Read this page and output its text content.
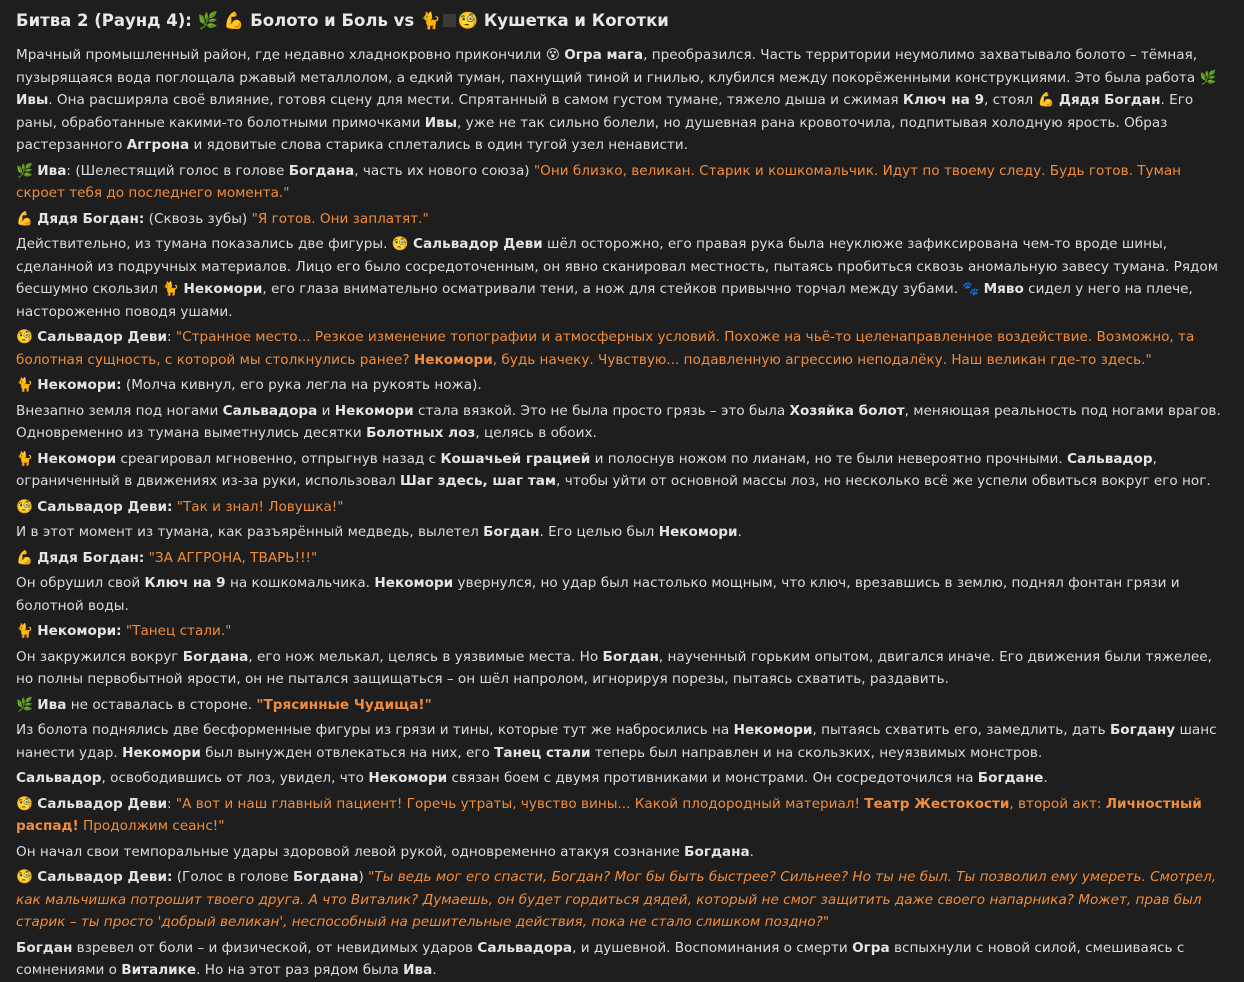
Битва 2 (Раунд 4): 🌿 💪 Болото и Боль vs 🐈 🧐 Кушетка и Коготки

Мрачный промышленный район, где недавно хладнокровно прикончили 😵 Огра мага, преобразился. Часть территории неумолимо захватывало болото – тёмная, пузырящаяся вода поглощала ржавый металлолом, а едкий туман, пахнущий тиной и гнилью, клубился между покорёженными конструкциями. Это была работа 🌿 Ивы. Она расширяла своё влияние, готовя сцену для мести. Спрятанный в самом густом тумане, тяжело дыша и сжимая Ключ на 9, стоял 💪 Дядя Богдан. Его раны, обработанные какими-то болотными примочками Ивы, уже не так сильно болели, но душевная рана кровоточила, подпитывая холодную ярость. Образ растерзанного Аггрона и ядовитые слова старика сплетались в один тугой узел ненависти.

🌿 Ива: (Шелестящий голос в голове Богдана, часть их нового союза) "Они близко, великан. Старик и кошкомальчик. Идут по твоему следу. Будь готов. Туман скроет тебя до последнего момента."

💪 Дядя Богдан: (Сквозь зубы) "Я готов. Они заплатят."

Действительно, из тумана показались две фигуры. 🧐 Сальвадор Деви шёл осторожно, его правая рука была неуклюже зафиксирована чем-то вроде шины, сделанной из подручных материалов. Лицо его было сосредоточенным, он явно сканировал местность, пытаясь пробиться сквозь аномальную завесу тумана. Рядом бесшумно скользил 🐈 Некомори, его глаза внимательно осматривали тени, а нож для стейков привычно торчал между зубами. 🐾 Мяво сидел у него на плече, настороженно поводя ушами.

🧐 Сальвадор Деви: "Странное место... Резкое изменение топографии и атмосферных условий. Похоже на чьё-то целенаправленное воздействие. Возможно, та болотная сущность, с которой мы столкнулись ранее? Некомори, будь начеку. Чувствую... подавленную агрессию неподалёку. Наш великан где-то здесь."

🐈 Некомори: (Молча кивнул, его рука легла на рукоять ножа).

Внезапно земля под ногами Сальвадора и Некомори стала вязкой. Это не была просто грязь – это была Хозяйка болот, меняющая реальность под ногами врагов. Одновременно из тумана выметнулись десятки Болотных лоз, целясь в обоих.

🐈 Некомори среагировал мгновенно, отпрыгнув назад с Кошачьей грацией и полоснув ножом по лианам, но те были невероятно прочными. Сальвадор, ограниченный в движениях из-за руки, использовал Шаг здесь, шаг там, чтобы уйти от основной массы лоз, но несколько всё же успели обвиться вокруг его ног.

🧐 Сальвадор Деви: "Так и знал! Ловушка!"

И в этот момент из тумана, как разъярённый медведь, вылетел Богдан. Его целью был Некомори.

💪 Дядя Богдан: "ЗА АГГРОНА, ТВАРЬ!!!"

Он обрушил свой Ключ на 9 на кошкомальчика. Некомори увернулся, но удар был настолько мощным, что ключ, врезавшись в землю, поднял фонтан грязи и болотной воды.

🐈 Некомори: "Танец стали."

Он закружился вокруг Богдана, его нож мелькал, целясь в уязвимые места. Но Богдан, наученный горьким опытом, двигался иначе. Его движения были тяжелее, но полны первобытной ярости, он не пытался защищаться – он шёл напролом, игнорируя порезы, пытаясь схватить, раздавить.

🌿 Ива не оставалась в стороне. "Трясинные Чудища!"

Из болота поднялись две бесформенные фигуры из грязи и тины, которые тут же набросились на Некомори, пытаясь схватить его, замедлить, дать Богдану шанс нанести удар. Некомори был вынужден отвлекаться на них, его Танец стали теперь был направлен и на скользких, неуязвимых монстров.

Сальвадор, освободившись от лоз, увидел, что Некомори связан боем с двумя противниками и монстрами. Он сосредоточился на Богдане.

🧐 Сальвадор Деви: "А вот и наш главный пациент! Горечь утраты, чувство вины... Какой плодородный материал! Театр Жестокости, второй акт: Личностный распад! Продолжим сеанс!"

Он начал свои темпоральные удары здоровой левой рукой, одновременно атакуя сознание Богдана.

🧐 Сальвадор Деви: (Голос в голове Богдана) "Ты ведь мог его спасти, Богдан? Мог бы быть быстрее? Сильнее? Но ты не был. Ты позволил ему умереть. Смотрел, как мальчишка потрошит твоего друга. А что Виталик? Думаешь, он будет гордиться дядей, который не смог защитить даже своего напарника? Может, прав был старик – ты просто 'добрый великан', неспособный на решительные действия, пока не стало слишком поздно?"

Богдан взревел от боли – и физической, от невидимых ударов Сальвадора, и душевной. Воспоминания о смерти Огра вспыхнули с новой силой, смешиваясь с сомнениями о Виталике. Но на этот раз рядом была Ива.
